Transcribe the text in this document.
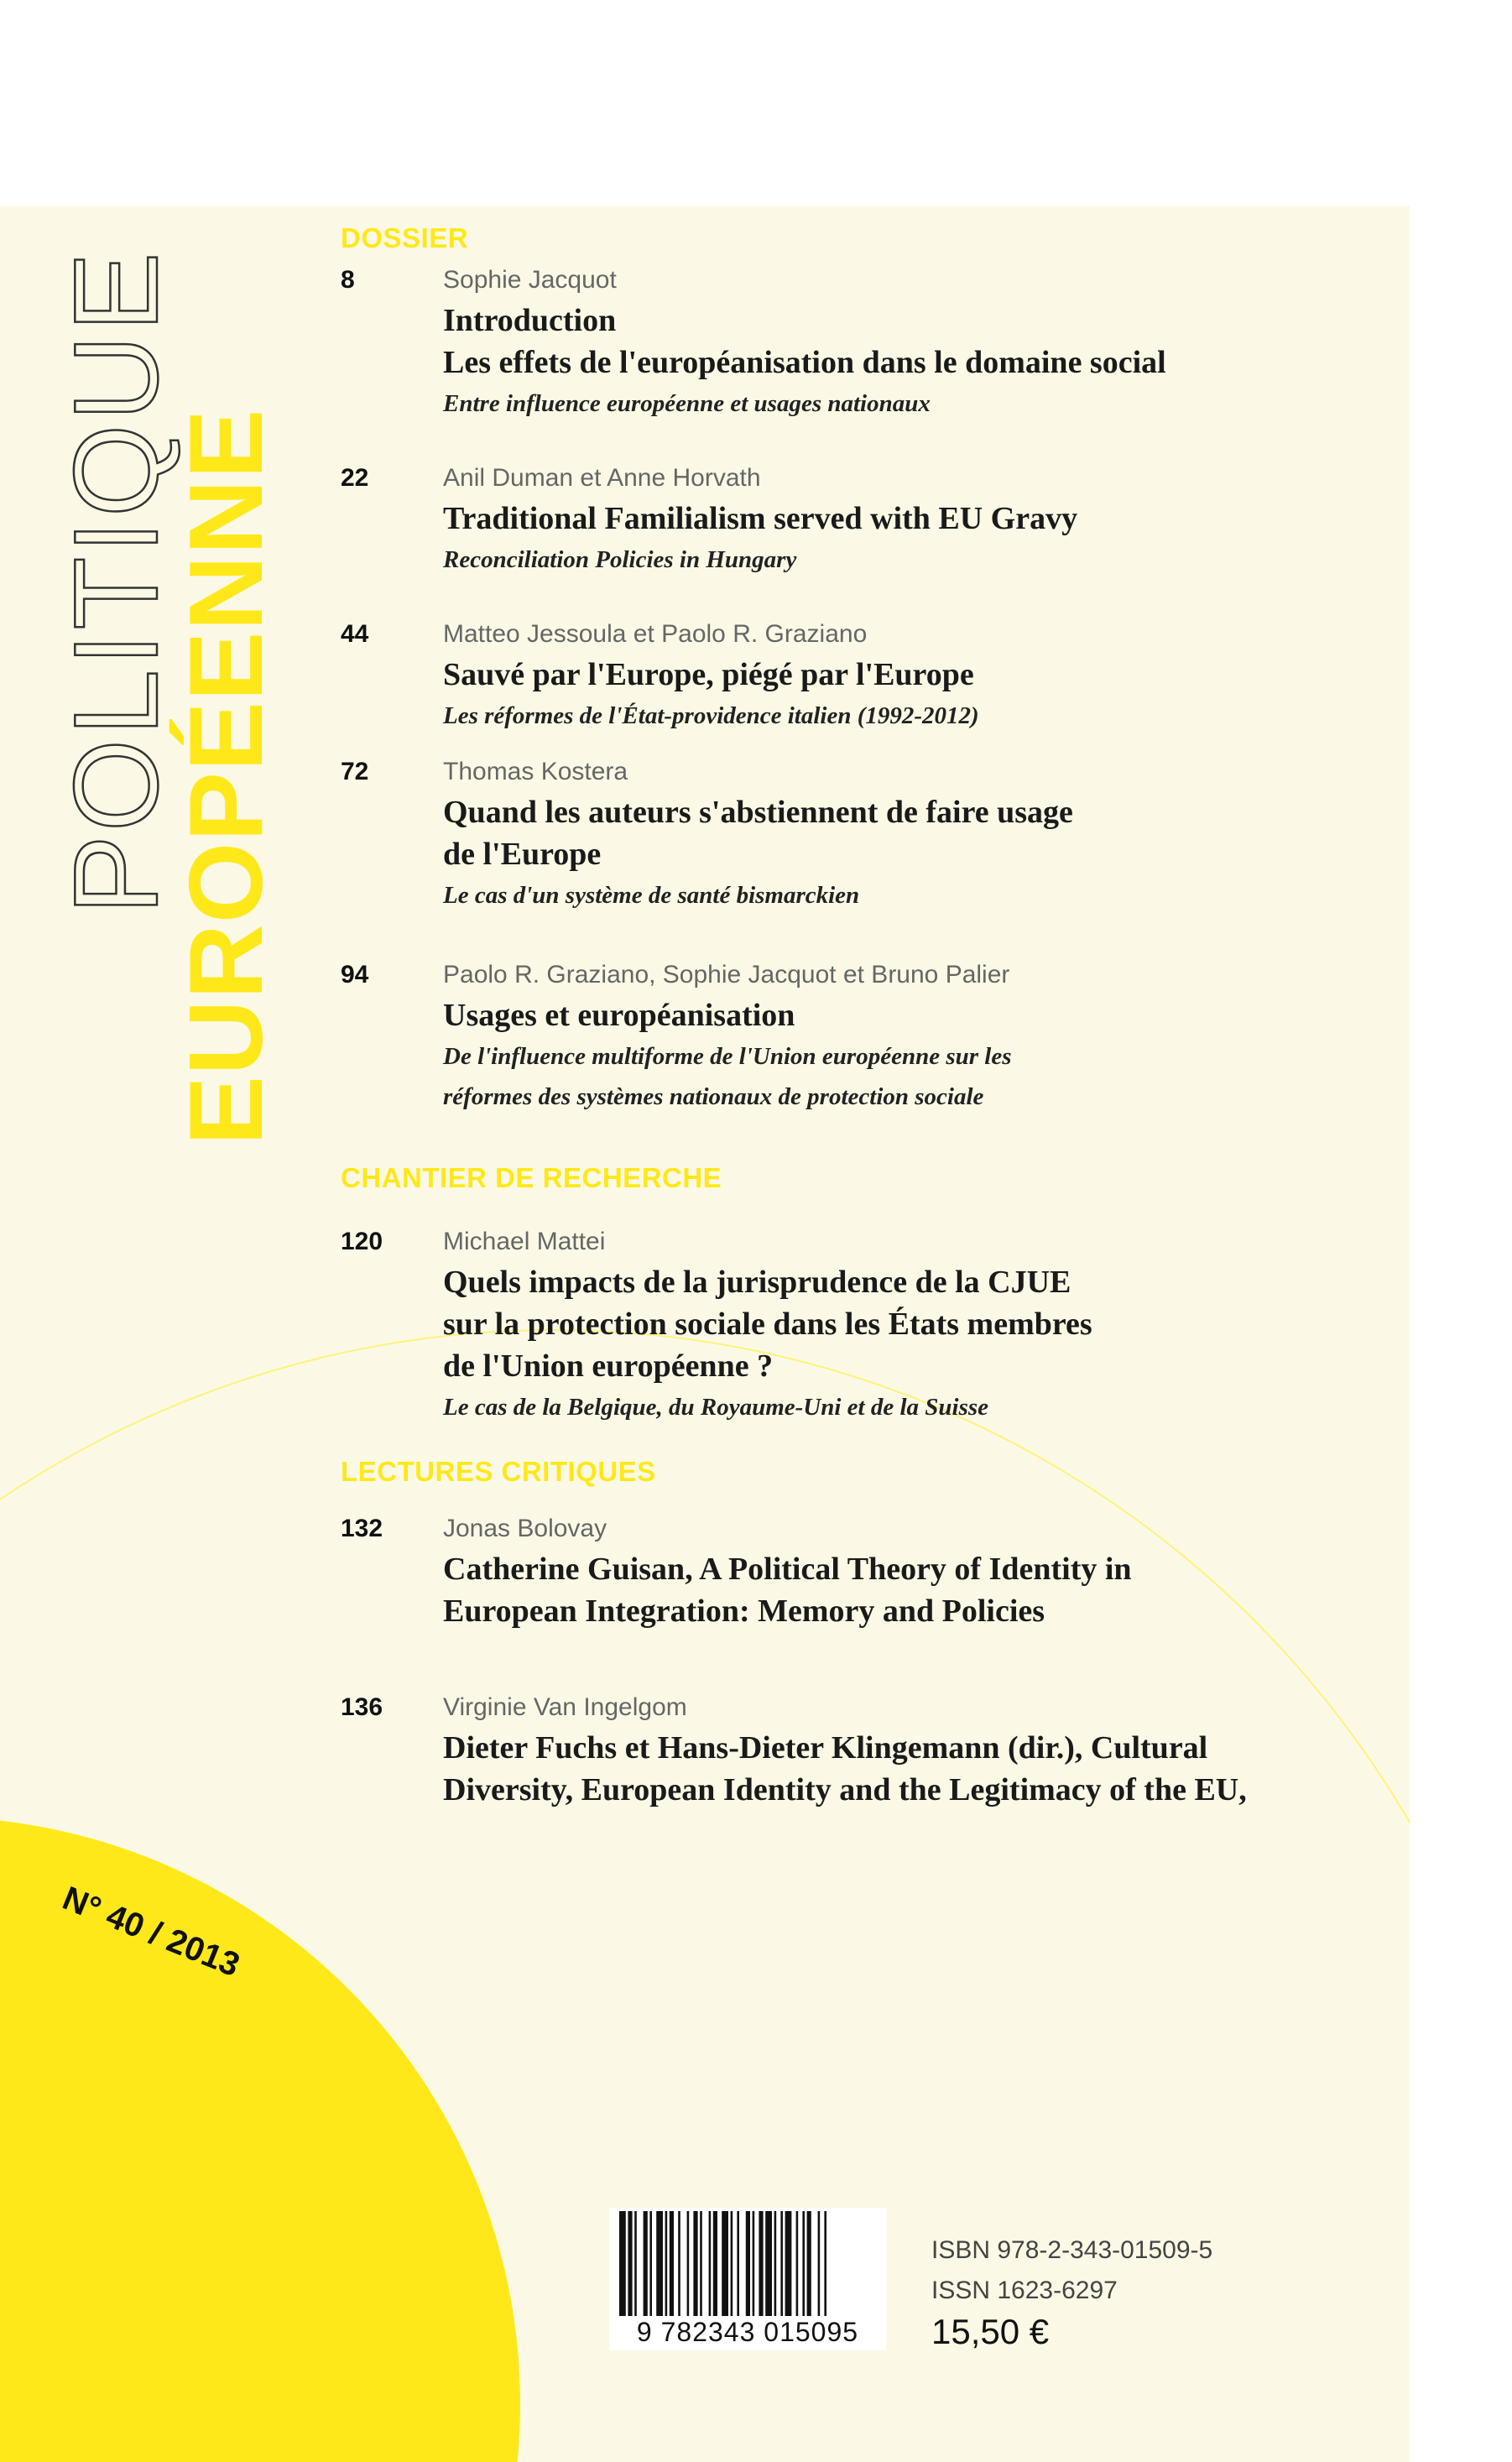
POLITIQUE
EUROPÉENNE
DOSSIER
8	Sophie Jacquot
Introduction
Les effets de l'européanisation dans le domaine social
Entre influence européenne et usages nationaux
22	Anil Duman et Anne Horvath
Traditional Familialism served with EU Gravy
Reconciliation Policies in Hungary
44	Matteo Jessoula et Paolo R. Graziano
Sauvé par l'Europe, piégé par l'Europe
Les réformes de l'État-providence italien (1992-2012)
72	Thomas Kostera
Quand les auteurs s'abstiennent de faire usage
de l'Europe
Le cas d'un système de santé bismarckien
94	Paolo R. Graziano, Sophie Jacquot et Bruno Palier
Usages et européanisation
De l'influence multiforme de l'Union européenne sur les
réformes des systèmes nationaux de protection sociale
CHANTIER DE RECHERCHE
120 Michael Mattei
Quels impacts de la jurisprudence de la CJUE
sur la protection sociale dans les États membres
de l'Union européenne ?
Le cas de la Belgique, du Royaume-Uni et de la Suisse
LECTURES CRITIQUES
132 Jonas Bolovay
Catherine Guisan, A Political Theory of Identity in
European Integration: Memory and Policies
136 Virginie Van Ingelgom
Dieter Fuchs et Hans-Dieter Klingemann (dir.), Cultural
Diversity, European Identity and the Legitimacy of the EU,
N° 40 / 2013
9 782343 015095
ISBN 978-2-343-01509-5
ISSN 1623-6297
15,50 €
